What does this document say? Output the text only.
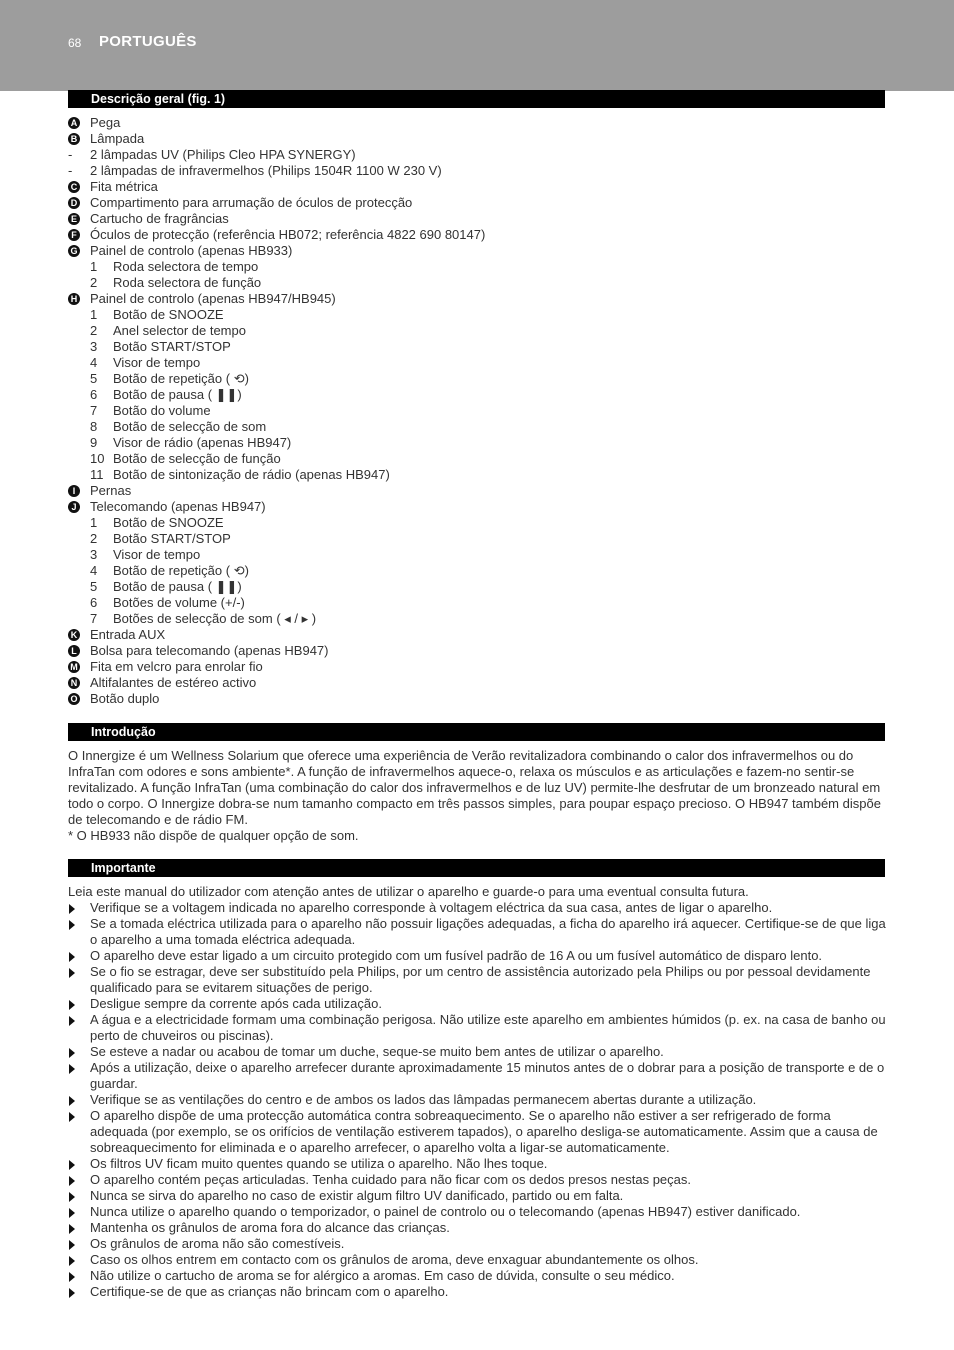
68 PORTUGUÊS
Descrição geral (fig. 1)
A Pega
B Lâmpada
- 2 lâmpadas UV (Philips Cleo HPA SYNERGY)
- 2 lâmpadas de infravermelhos (Philips 1504R 1100 W 230 V)
C Fita métrica
D Compartimento para arrumação de óculos de protecção
E Cartucho de fragrâncias
F Óculos de protecção (referência HB072; referência 4822 690 80147)
G Painel de controlo (apenas HB933)
1 Roda selectora de tempo
2 Roda selectora de função
H Painel de controlo (apenas HB947/HB945)
1 Botão de SNOOZE
2 Anel selector de tempo
3 Botão START/STOP
4 Visor de tempo
5 Botão de repetição ( ⟲)
6 Botão de pausa ( ❚❚)
7 Botão do volume
8 Botão de selecção de som
9 Visor de rádio (apenas HB947)
10 Botão de selecção de função
11 Botão de sintonização de rádio (apenas HB947)
I	Pernas
J Telecomando (apenas HB947)
1 Botão de SNOOZE
2 Botão START/STOP
3 Visor de tempo
4 Botão de repetição ( ⟲)
5 Botão de pausa ( ❚❚)
6 Botões de volume (+/-)
7 Botões de selecção de som ( ◂ / ▸ )
K Entrada AUX
L Bolsa para telecomando (apenas HB947)
M Fita em velcro para enrolar fio
N Altifalantes de estéreo activo
O Botão duplo
Introdução

O Innergize é um Wellness Solarium que oferece uma experiência de Verão revitalizadora combinando o calor dos infravermelhos ou do InfraTan com odores e sons ambiente*. A função de infravermelhos aquece-o, relaxa os músculos e as articulações e fazem-no sentir-se revitalizado. A função InfraTan (uma combinação do calor dos infravermelhos e de luz UV) permite-lhe desfrutar de um bronzeado natural em todo o corpo. O Innergize dobra-se num tamanho compacto em três passos simples, para poupar espaço precioso. O HB947 também dispõe de telecomando e de rádio FM.

* O HB933 não dispõe de qualquer opção de som.

Importante
Leia este manual do utilizador com atenção antes de utilizar o aparelho e guarde-o para uma eventual consulta futura.
Verifique se a voltagem indicada no aparelho corresponde à voltagem eléctrica da sua casa, antes de ligar o aparelho.
Se a tomada eléctrica utilizada para o aparelho não possuir ligações adequadas, a ficha do aparelho irá aquecer. Certifique-se de que liga o aparelho a uma tomada eléctrica adequada.
O aparelho deve estar ligado a um circuito protegido com um fusível padrão de 16 A ou um fusível automático de disparo lento.
Se o fio se estragar, deve ser substituído pela Philips, por um centro de assistência autorizado pela Philips ou por pessoal devidamente qualificado para se evitarem situações de perigo.
Desligue sempre da corrente após cada utilização.
A água e a electricidade formam uma combinação perigosa. Não utilize este aparelho em ambientes húmidos (p. ex. na casa de banho ou perto de chuveiros ou piscinas).
Se esteve a nadar ou acabou de tomar um duche, seque-se muito bem antes de utilizar o aparelho.
Após a utilização, deixe o aparelho arrefecer durante aproximadamente 15 minutos antes de o dobrar para a posição de transporte e de o guardar.
Verifique se as ventilações do centro e de ambos os lados das lâmpadas permanecem abertas durante a utilização.
O aparelho dispõe de uma protecção automática contra sobreaquecimento. Se o aparelho não estiver a ser refrigerado de forma adequada (por exemplo, se os orifícios de ventilação estiverem tapados), o aparelho desliga-se automaticamente. Assim que a causa de sobreaquecimento for eliminada e o aparelho arrefecer, o aparelho volta a ligar-se automaticamente.
Os filtros UV ficam muito quentes quando se utiliza o aparelho. Não lhes toque.
O aparelho contém peças articuladas. Tenha cuidado para não ficar com os dedos presos nestas peças.
Nunca se sirva do aparelho no caso de existir algum filtro UV danificado, partido ou em falta.
Nunca utilize o aparelho quando o temporizador, o painel de controlo ou o telecomando (apenas HB947) estiver danificado.
Mantenha os grânulos de aroma fora do alcance das crianças.
Os grânulos de aroma não são comestíveis.
Caso os olhos entrem em contacto com os grânulos de aroma, deve enxaguar abundantemente os olhos.
Não utilize o cartucho de aroma se for alérgico a aromas. Em caso de dúvida, consulte o seu médico.
Certifique-se de que as crianças não brincam com o aparelho.
